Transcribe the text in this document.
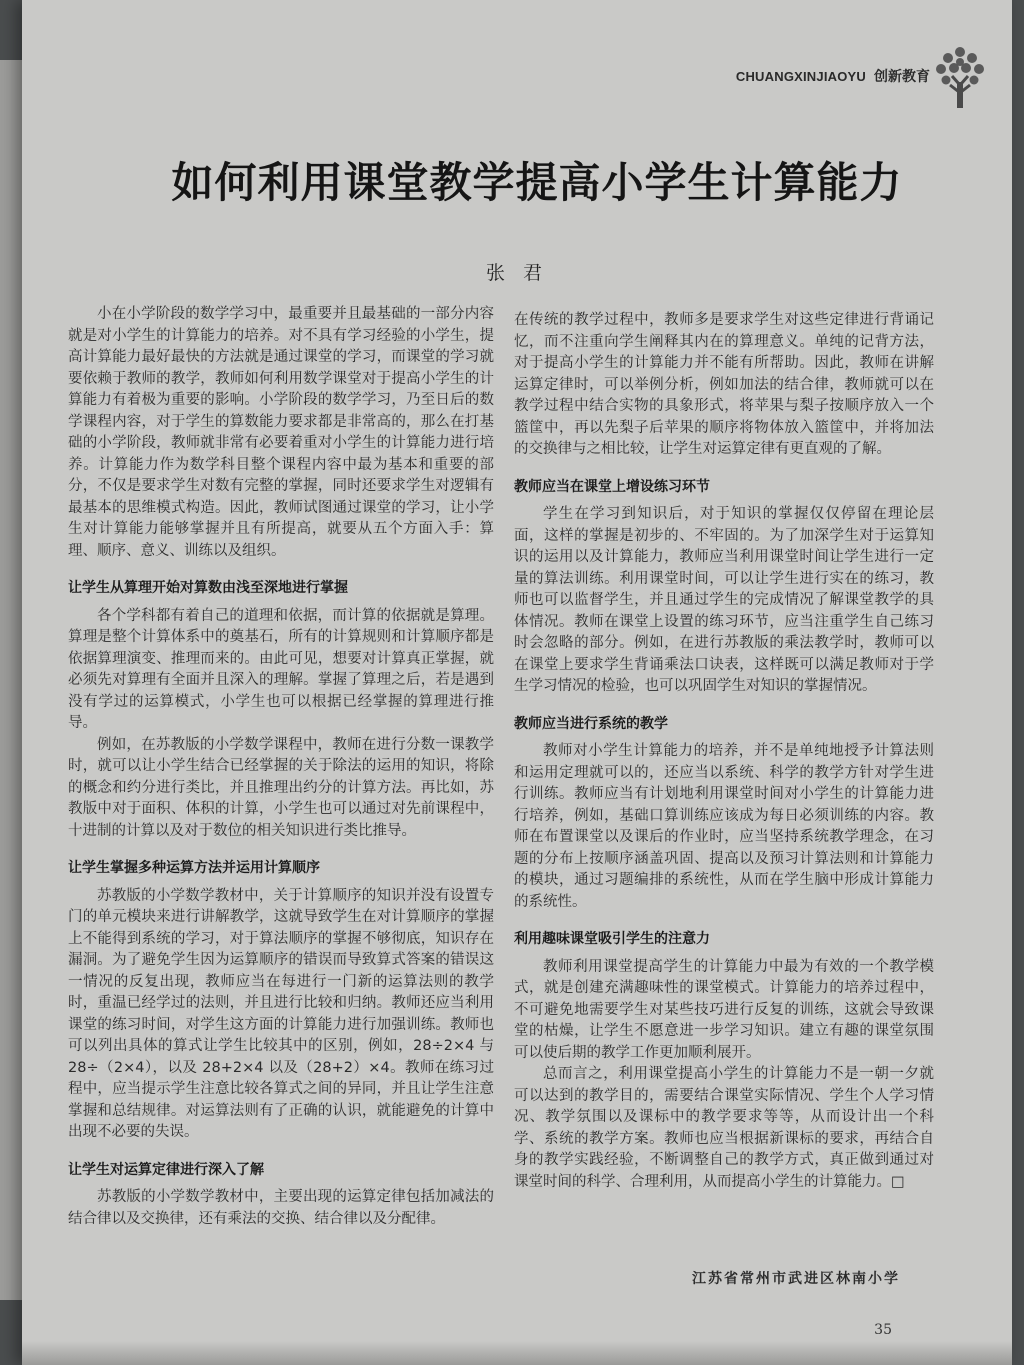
CHUANGXINJIAOYU 创新教育
如何利用课堂教学提高小学生计算能力
张 君

小在小学阶段的数学学习中，最重要并且最基础的一部分内容就是对小学生的计算能力的培养。对不具有学习经验的小学生，提高计算能力最好最快的方法就是通过课堂的学习，而课堂的学习就要依赖于教师的教学，教师如何利用数学课堂对于提高小学生的计算能力有着极为重要的影响。小学阶段的数学学习，乃至日后的数学课程内容，对于学生的算数能力要求都是非常高的，那么在打基础的小学阶段，教师就非常有必要着重对小学生的计算能力进行培养。计算能力作为数学科目整个课程内容中最为基本和重要的部分，不仅是要求学生对数有完整的掌握，同时还要求学生对逻辑有最基本的思维模式构造。因此，教师试图通过课堂的学习，让小学生对计算能力能够掌握并且有所提高，就要从五个方面入手：算理、顺序、意义、训练以及组织。

让学生从算理开始对算数由浅至深地进行掌握

各个学科都有着自己的道理和依据，而计算的依据就是算理。算理是整个计算体系中的奠基石，所有的计算规则和计算顺序都是依据算理演变、推理而来的。由此可见，想要对计算真正掌握，就必须先对算理有全面并且深入的理解。掌握了算理之后，若是遇到没有学过的运算模式，小学生也可以根据已经掌握的算理进行推导。

例如，在苏教版的小学数学课程中，教师在进行分数一课教学时，就可以让小学生结合已经掌握的关于除法的运用的知识，将除的概念和约分进行类比，并且推理出约分的计算方法。再比如，苏教版中对于面积、体积的计算，小学生也可以通过对先前课程中，十进制的计算以及对于数位的相关知识进行类比推导。

让学生掌握多种运算方法并运用计算顺序

苏教版的小学数学教材中，关于计算顺序的知识并没有设置专门的单元模块来进行讲解教学，这就导致学生在对计算顺序的掌握上不能得到系统的学习，对于算法顺序的掌握不够彻底，知识存在漏洞。为了避免学生因为运算顺序的错误而导致算式答案的错误这一情况的反复出现，教师应当在每进行一门新的运算法则的教学时，重温已经学过的法则，并且进行比较和归纳。教师还应当利用课堂的练习时间，对学生这方面的计算能力进行加强训练。教师也可以列出具体的算式让学生比较其中的区别，例如，28÷2×4 与 28÷（2×4），以及 28+2×4 以及（28+2）×4。教师在练习过程中，应当提示学生注意比较各算式之间的异同，并且让学生注意掌握和总结规律。对运算法则有了正确的认识，就能避免的计算中出现不必要的失误。

让学生对运算定律进行深入了解

苏教版的小学数学教材中，主要出现的运算定律包括加减法的结合律以及交换律，还有乘法的交换、结合律以及分配律。

在传统的教学过程中，教师多是要求学生对这些定律进行背诵记忆，而不注重向学生阐释其内在的算理意义。单纯的记背方法，对于提高小学生的计算能力并不能有所帮助。因此，教师在讲解运算定律时，可以举例分析，例如加法的结合律，教师就可以在教学过程中结合实物的具象形式，将苹果与梨子按顺序放入一个篮筐中，再以先梨子后苹果的顺序将物体放入篮筐中，并将加法的交换律与之相比较，让学生对运算定律有更直观的了解。

教师应当在课堂上增设练习环节

学生在学习到知识后，对于知识的掌握仅仅停留在理论层面，这样的掌握是初步的、不牢固的。为了加深学生对于运算知识的运用以及计算能力，教师应当利用课堂时间让学生进行一定量的算法训练。利用课堂时间，可以让学生进行实在的练习，教师也可以监督学生，并且通过学生的完成情况了解课堂教学的具体情况。教师在课堂上设置的练习环节，应当注重学生自己练习时会忽略的部分。例如，在进行苏教版的乘法教学时，教师可以在课堂上要求学生背诵乘法口诀表，这样既可以满足教师对于学生学习情况的检验，也可以巩固学生对知识的掌握情况。

教师应当进行系统的教学

教师对小学生计算能力的培养，并不是单纯地授予计算法则和运用定理就可以的，还应当以系统、科学的教学方针对学生进行训练。教师应当有计划地利用课堂时间对小学生的计算能力进行培养，例如，基础口算训练应该成为每日必须训练的内容。教师在布置课堂以及课后的作业时，应当坚持系统教学理念，在习题的分布上按顺序涵盖巩固、提高以及预习计算法则和计算能力的模块，通过习题编排的系统性，从而在学生脑中形成计算能力的系统性。

利用趣味课堂吸引学生的注意力

教师利用课堂提高学生的计算能力中最为有效的一个教学模式，就是创建充满趣味性的课堂模式。计算能力的培养过程中，不可避免地需要学生对某些技巧进行反复的训练，这就会导致课堂的枯燥，让学生不愿意进一步学习知识。建立有趣的课堂氛围可以使后期的教学工作更加顺利展开。

总而言之，利用课堂提高小学生的计算能力不是一朝一夕就可以达到的教学目的，需要结合课堂实际情况、学生个人学习情况、教学氛围以及课标中的教学要求等等，从而设计出一个科学、系统的教学方案。教师也应当根据新课标的要求，再结合自身的教学实践经验，不断调整自己的教学方式，真正做到通过对课堂时间的科学、合理利用，从而提高小学生的计算能力。□

江苏省常州市武进区林南小学
35
